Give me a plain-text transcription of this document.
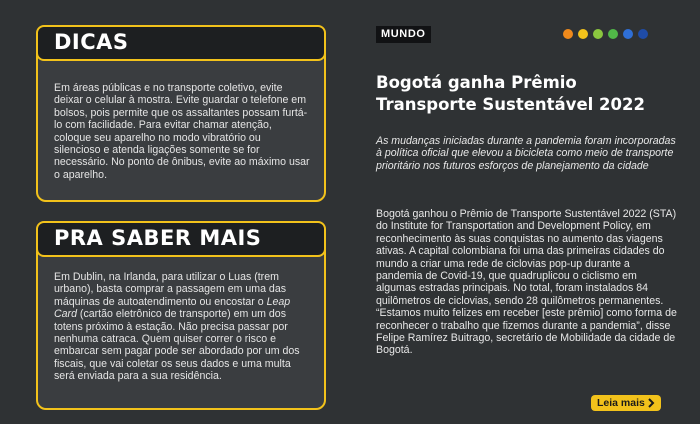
DICAS
Em áreas públicas e no transporte coletivo, evite deixar o celular à mostra. Evite guardar o telefone em bolsos, pois permite que os assaltantes possam furtá-lo com facilidade. Para evitar chamar atenção, coloque seu aparelho no modo vibratório ou silencioso e atenda ligações somente se for necessário. No ponto de ônibus, evite ao máximo usar o aparelho.
PRA SABER MAIS
Em Dublin, na Irlanda, para utilizar o Luas (trem urbano), basta comprar a passagem em uma das máquinas de autoatendimento ou encostar o Leap Card (cartão eletrônico de transporte) em um dos totens próximo à estação. Não precisa passar por nenhuma catraca. Quem quiser correr o risco e embarcar sem pagar pode ser abordado por um dos fiscais, que vai coletar os seus dados e uma multa será enviada para a sua residência.
MUNDO
Bogotá ganha Prêmio Transporte Sustentável 2022
As mudanças iniciadas durante a pandemia foram incorporadas à política oficial que elevou a bicicleta como meio de transporte prioritário nos futuros esforços de planejamento da cidade
Bogotá ganhou o Prêmio de Transporte Sustentável 2022 (STA) do Institute for Transportation and Development Policy, em reconhecimento às suas conquistas no aumento das viagens ativas. A capital colombiana foi uma das primeiras cidades do mundo a criar uma rede de ciclovias pop-up durante a pandemia de Covid-19, que quadruplicou o ciclismo em algumas estradas principais. No total, foram instalados 84 quilômetros de ciclovias, sendo 28 quilômetros permanentes. “Estamos muito felizes em receber [este prêmio] como forma de reconhecer o trabalho que fizemos durante a pandemia”, disse Felipe Ramírez Buitrago, secretário de Mobilidade da cidade de Bogotá.
Leia mais
